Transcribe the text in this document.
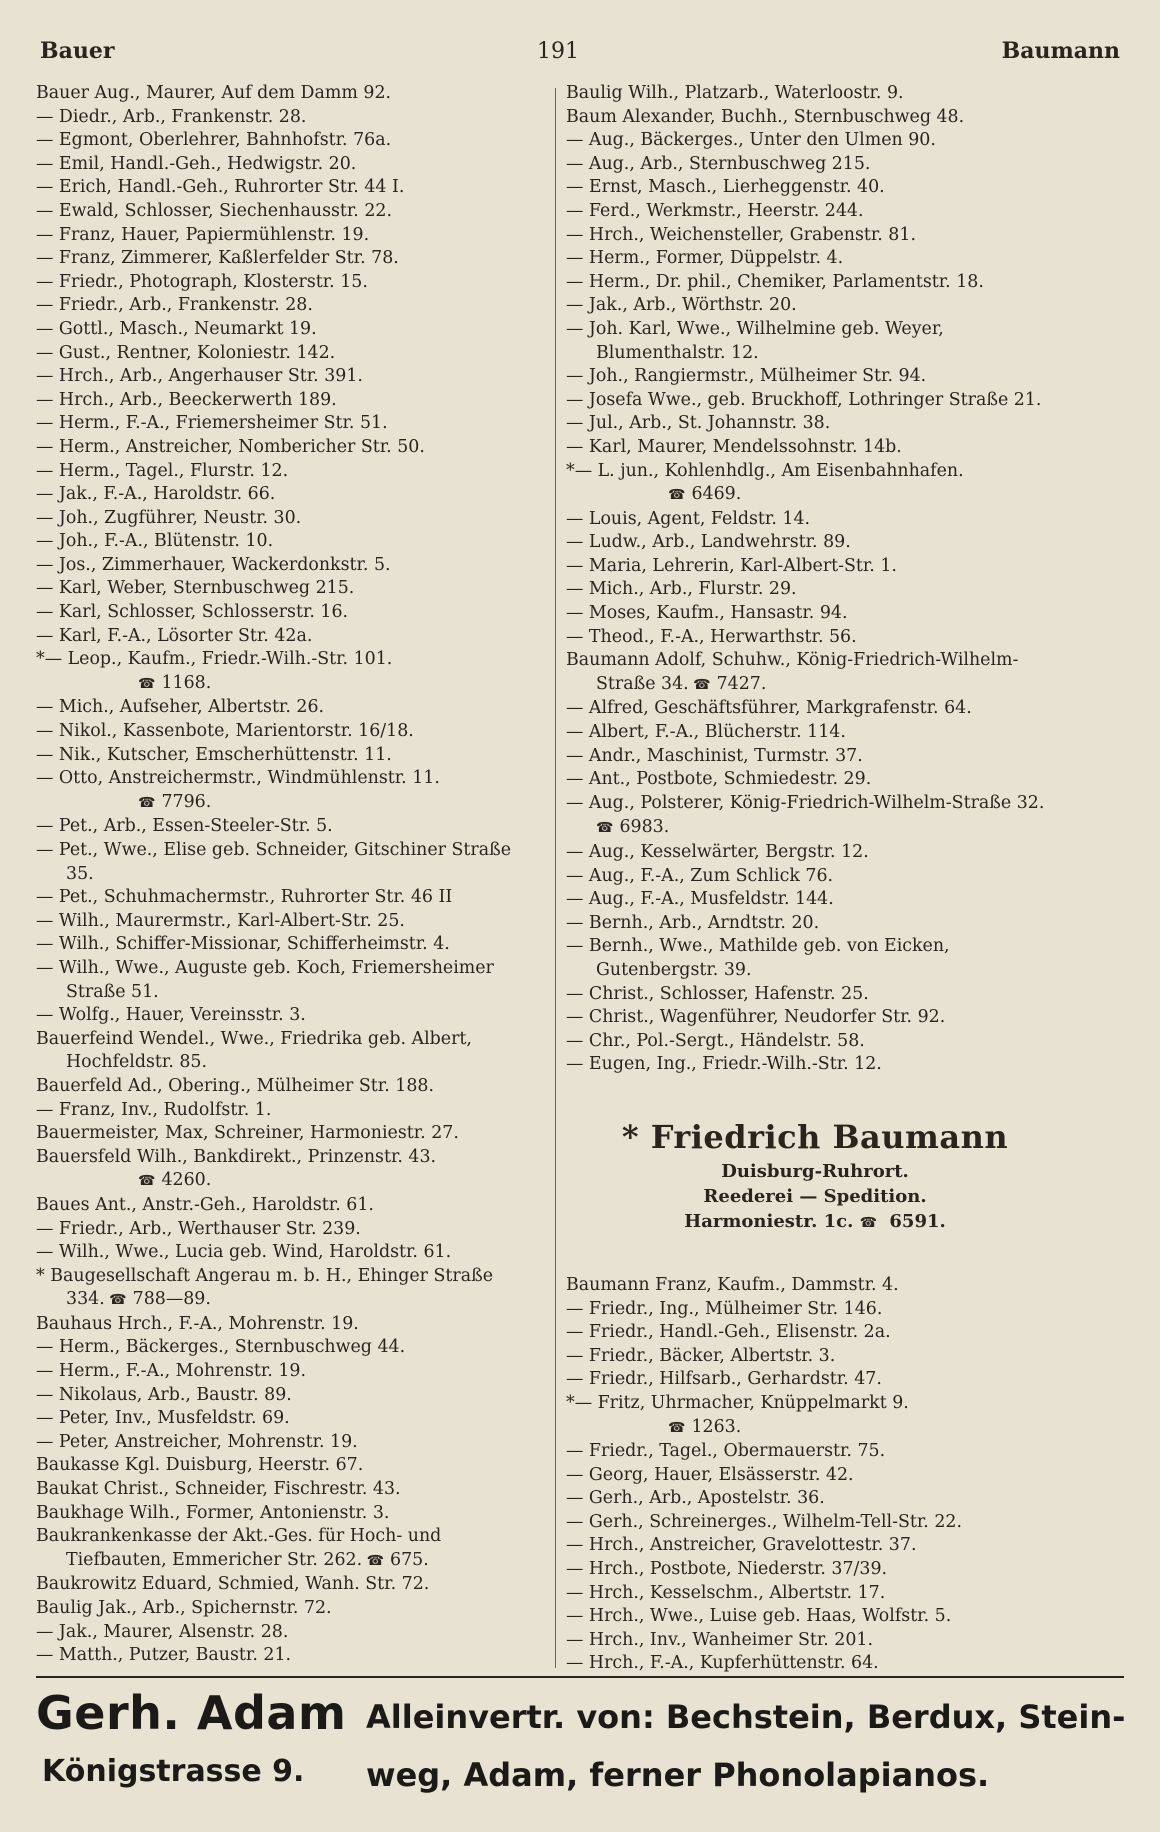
Bauer	191	Baumann

Bauer Aug., Maurer, Auf dem Damm 92.

— Diedr., Arb., Frankenstr. 28.

— Egmont, Oberlehrer, Bahnhofstr. 76a.

— Emil, Handl.-Geh., Hedwigstr. 20.

— Erich, Handl.-Geh., Ruhrorter Str. 44 I.

— Ewald, Schlosser, Siechenhausstr. 22.

— Franz, Hauer, Papiermühlenstr. 19.

— Franz, Zimmerer, Kaßlerfelder Str. 78.

— Friedr., Photograph, Klosterstr. 15.

— Friedr., Arb., Frankenstr. 28.

— Gottl., Masch., Neumarkt 19.

— Gust., Rentner, Koloniestr. 142.

— Hrch., Arb., Angerhauser Str. 391.

— Hrch., Arb., Beeckerwerth 189.

— Herm., F.-A., Friemersheimer Str. 51.

— Herm., Anstreicher, Nombericher Str. 50.

— Herm., Tagel., Flurstr. 12.

— Jak., F.-A., Haroldstr. 66.

— Joh., Zugführer, Neustr. 30.

— Joh., F.-A., Blütenstr. 10.

— Jos., Zimmerhauer, Wackerdonkstr. 5.

— Karl, Weber, Sternbuschweg 215.

— Karl, Schlosser, Schlosserstr. 16.

— Karl, F.-A., Lösorter Str. 42a.

*— Leop., Kaufm., Friedr.-Wilh.-Str. 101.
☎ 1168.

— Mich., Aufseher, Albertstr. 26.

— Nikol., Kassenbote, Marientorstr. 16/18.

— Nik., Kutscher, Emscherhüttenstr. 11.

— Otto, Anstreichermstr., Windmühlenstr. 11.
☎ 7796.

— Pet., Arb., Essen-Steeler-Str. 5.

— Pet., Wwe., Elise geb. Schneider, Gitschiner Straße 35.

— Pet., Schuhmachermstr., Ruhrorter Str. 46 II

— Wilh., Maurermstr., Karl-Albert-Str. 25.

— Wilh., Schiffer-Missionar, Schifferheimstr. 4.

— Wilh., Wwe., Auguste geb. Koch, Friemersheimer Straße 51.

— Wolfg., Hauer, Vereinsstr. 3.

Bauerfeind Wendel., Wwe., Friedrika geb. Albert, Hochfeldstr. 85.

Bauerfeld Ad., Obering., Mülheimer Str. 188.

— Franz, Inv., Rudolfstr. 1.

Bauermeister, Max, Schreiner, Harmoniestr. 27.

Bauersfeld Wilh., Bankdirekt., Prinzenstr. 43.
☎ 4260.

Baues Ant., Anstr.-Geh., Haroldstr. 61.

— Friedr., Arb., Werthauser Str. 239.

— Wilh., Wwe., Lucia geb. Wind, Haroldstr. 61.

* Baugesellschaft Angerau m. b. H., Ehinger Straße 334. ☎ 788—89.

Bauhaus Hrch., F.-A., Mohrenstr. 19.

— Herm., Bäckerges., Sternbuschweg 44.

— Herm., F.-A., Mohrenstr. 19.

— Nikolaus, Arb., Baustr. 89.

— Peter, Inv., Musfeldstr. 69.

— Peter, Anstreicher, Mohrenstr. 19.

Baukasse Kgl. Duisburg, Heerstr. 67.

Baukat Christ., Schneider, Fischrestr. 43.

Baukhage Wilh., Former, Antonienstr. 3.

Baukrankenkasse der Akt.-Ges. für Hoch- und Tiefbauten, Emmericher Str. 262. ☎ 675.

Baukrowitz Eduard, Schmied, Wanh. Str. 72.

Baulig Jak., Arb., Spichernstr. 72.

— Jak., Maurer, Alsenstr. 28.

— Matth., Putzer, Baustr. 21.

Baulig Wilh., Platzarb., Waterloostr. 9.

Baum Alexander, Buchh., Sternbuschweg 48.

— Aug., Bäckerges., Unter den Ulmen 90.

— Aug., Arb., Sternbuschweg 215.

— Ernst, Masch., Lierheggenstr. 40.

— Ferd., Werkmstr., Heerstr. 244.

— Hrch., Weichensteller, Grabenstr. 81.

— Herm., Former, Düppelstr. 4.

— Herm., Dr. phil., Chemiker, Parlamentstr. 18.

— Jak., Arb., Wörthstr. 20.

— Joh. Karl, Wwe., Wilhelmine geb. Weyer, Blumenthalstr. 12.

— Joh., Rangiermstr., Mülheimer Str. 94.

— Josefa Wwe., geb. Bruckhoff, Lothringer Straße 21.

— Jul., Arb., St. Johannstr. 38.

— Karl, Maurer, Mendelssohnstr. 14b.

*— L. jun., Kohlenhdlg., Am Eisenbahnhafen.
☎ 6469.

— Louis, Agent, Feldstr. 14.

— Ludw., Arb., Landwehrstr. 89.

— Maria, Lehrerin, Karl-Albert-Str. 1.

— Mich., Arb., Flurstr. 29.

— Moses, Kaufm., Hansastr. 94.

— Theod., F.-A., Herwarthstr. 56.

Baumann Adolf, Schuhw., König-Friedrich-Wilhelm-Straße 34. ☎ 7427.

— Alfred, Geschäftsführer, Markgrafenstr. 64.

— Albert, F.-A., Blücherstr. 114.

— Andr., Maschinist, Turmstr. 37.

— Ant., Postbote, Schmiedestr. 29.

— Aug., Polsterer, König-Friedrich-Wilhelm-Straße 32. ☎ 6983.

— Aug., Kesselwärter, Bergstr. 12.

— Aug., F.-A., Zum Schlick 76.

— Aug., F.-A., Musfeldstr. 144.

— Bernh., Arb., Arndtstr. 20.

— Bernh., Wwe., Mathilde geb. von Eicken, Gutenbergstr. 39.

— Christ., Schlosser, Hafenstr. 25.

— Christ., Wagenführer, Neudorfer Str. 92.

— Chr., Pol.-Sergt., Händelstr. 58.

— Eugen, Ing., Friedr.-Wilh.-Str. 12.

* Friedrich Baumann
Duisburg-Ruhrort.
Reederei — Spedition.
Harmoniestr. 1c. ☎ 6591.

Baumann Franz, Kaufm., Dammstr. 4.

— Friedr., Ing., Mülheimer Str. 146.

— Friedr., Handl.-Geh., Elisenstr. 2a.

— Friedr., Bäcker, Albertstr. 3.

— Friedr., Hilfsarb., Gerhardstr. 47.

*— Fritz, Uhrmacher, Knüppelmarkt 9.
☎ 1263.

— Friedr., Tagel., Obermauerstr. 75.

— Georg, Hauer, Elsässerstr. 42.

— Gerh., Arb., Apostelstr. 36.

— Gerh., Schreinerges., Wilhelm-Tell-Str. 22.

— Hrch., Anstreicher, Gravelottestr. 37.

— Hrch., Postbote, Niederstr. 37/39.

— Hrch., Kesselschm., Albertstr. 17.

— Hrch., Wwe., Luise geb. Haas, Wolfstr. 5.

— Hrch., Inv., Wanheimer Str. 201.

— Hrch., F.-A., Kupferhüttenstr. 64.

Gerh. Adam
Königstrasse 9.
Alleinvertr. von: Bechstein, Berdux, Stein-
weg, Adam, ferner Phonolapianos.
